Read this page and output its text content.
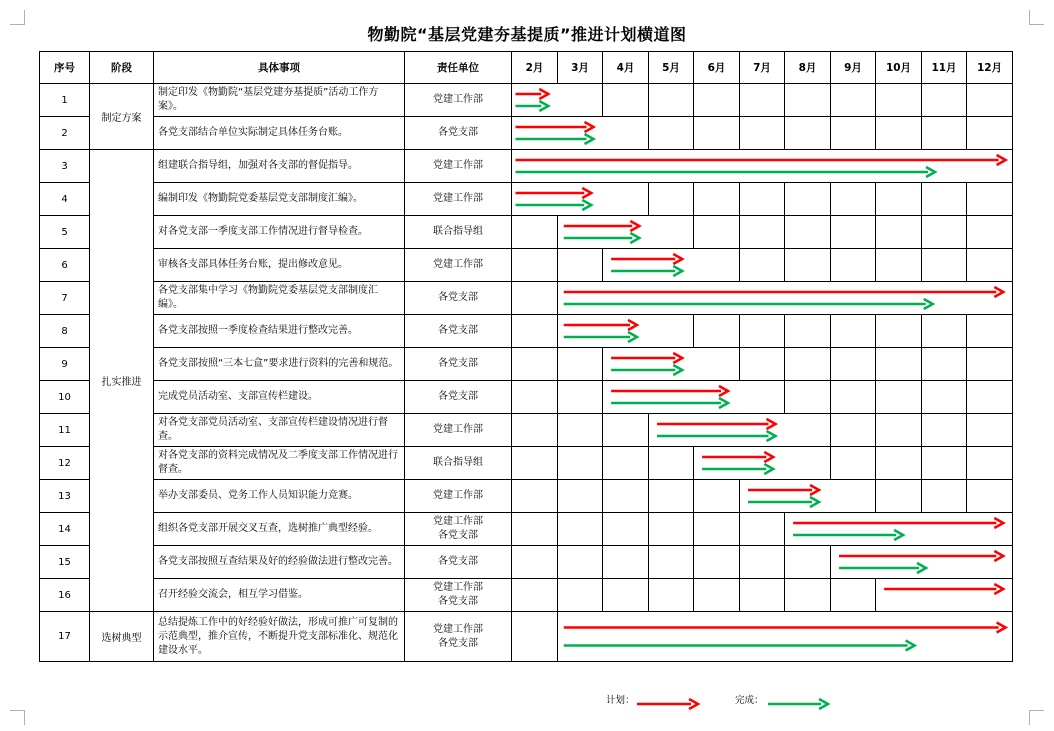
物勤院“基层党建夯基提质”推进计划横道图
序号	阶段	具体事项	责任单位	2月	3月	4月	5月	6月	7月	8月	9月	10月	11月	12月
1	制定方案	制定印发《物勤院“基层党建夯基提质”活动工作方案》。	党建工作部											

2		各党支部结合单位实际制定具体任务台账。	各党支部											

3	扎实推进	组建联合指导组，加强对各支部的督促指导。	党建工作部											

4		编制印发《物勤院党委基层党支部制度汇编》。	党建工作部											

5		对各党支部一季度支部工作情况进行督导检查。	联合指导组											

6		审核各支部具体任务台账，提出修改意见。	党建工作部											

7		各党支部集中学习《物勤院党委基层党支部制度汇编》。	各党支部											

8		各党支部按照一季度检查结果进行整改完善。	各党支部											

9		各党支部按照“三本七盒”要求进行资料的完善和规范。	各党支部											

10		完成党员活动室、支部宣传栏建设。	各党支部											

11		对各党支部党员活动室、支部宣传栏建设情况进行督查。	党建工作部											

12		对各党支部的资料完成情况及二季度支部工作情况进行督查。	联合指导组											

13		举办支部委员、党务工作人员知识能力竞赛。	党建工作部											

14		组织各党支部开展交叉互查，选树推广典型经验。	党建工作部
各党支部											

15		各党支部按照互查结果及好的经验做法进行整改完善。	各党支部											

16		召开经验交流会，相互学习借鉴。	党建工作部
各党支部											

17	选树典型	总结提炼工作中的好经验好做法，形成可推广可复制的示范典型，推介宣传，不断提升党支部标准化、规范化建设水平。	党建工作部
各党支部											

计划：	完成：
